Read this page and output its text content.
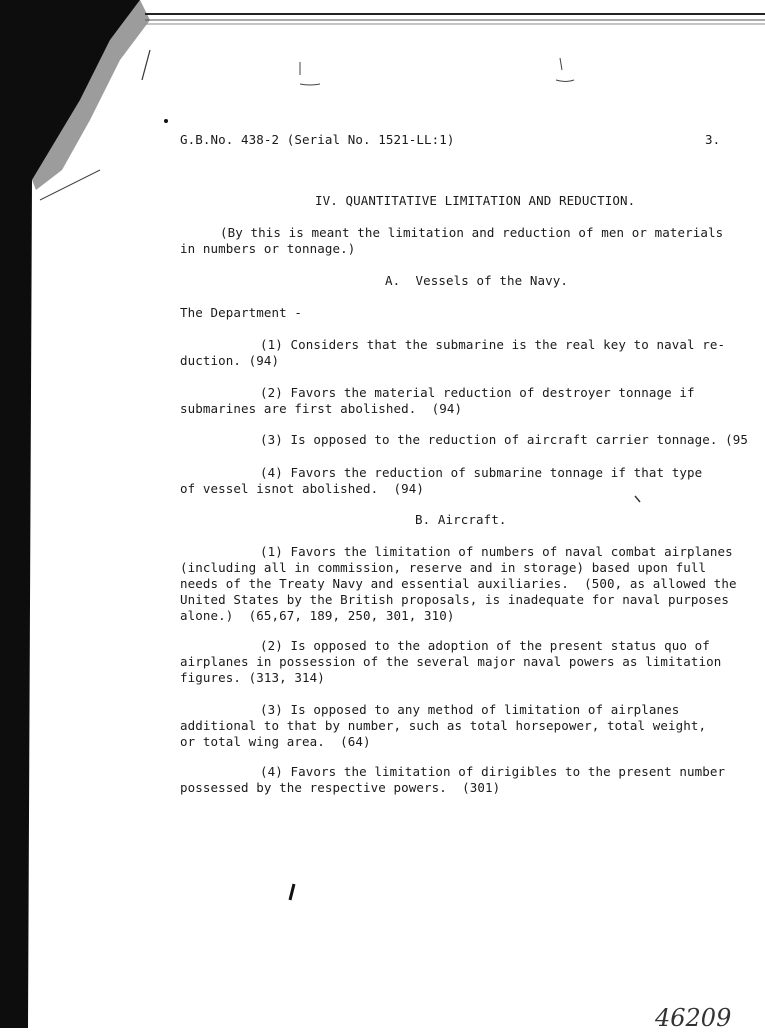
G.B.No. 438-2 (Serial No. 1521-LL:1)	3.
IV. QUANTITATIVE LIMITATION AND REDUCTION.
(By this is meant the limitation and reduction of men or materials
in numbers or tonnage.)
A.  Vessels of the Navy.
The Department -
(1) Considers that the submarine is the real key to naval re-
duction. (94)
(2) Favors the material reduction of destroyer tonnage if
submarines are first abolished.  (94)
(3) Is opposed to the reduction of aircraft carrier tonnage. (95
(4) Favors the reduction of submarine tonnage if that type
of vessel isnot abolished.  (94)
B. Aircraft.
(1) Favors the limitation of numbers of naval combat airplanes
(including all in commission, reserve and in storage) based upon full
needs of the Treaty Navy and essential auxiliaries.  (500, as allowed the
United States by the British proposals, is inadequate for naval purposes
alone.)  (65,67, 189, 250, 301, 310)
(2) Is opposed to the adoption of the present status quo of
airplanes in possession of the several major naval powers as limitation
figures. (313, 314)
(3) Is opposed to any method of limitation of airplanes
additional to that by number, such as total horsepower, total weight,
or total wing area.  (64)
(4) Favors the limitation of dirigibles to the present number
possessed by the respective powers.  (301)
46209
